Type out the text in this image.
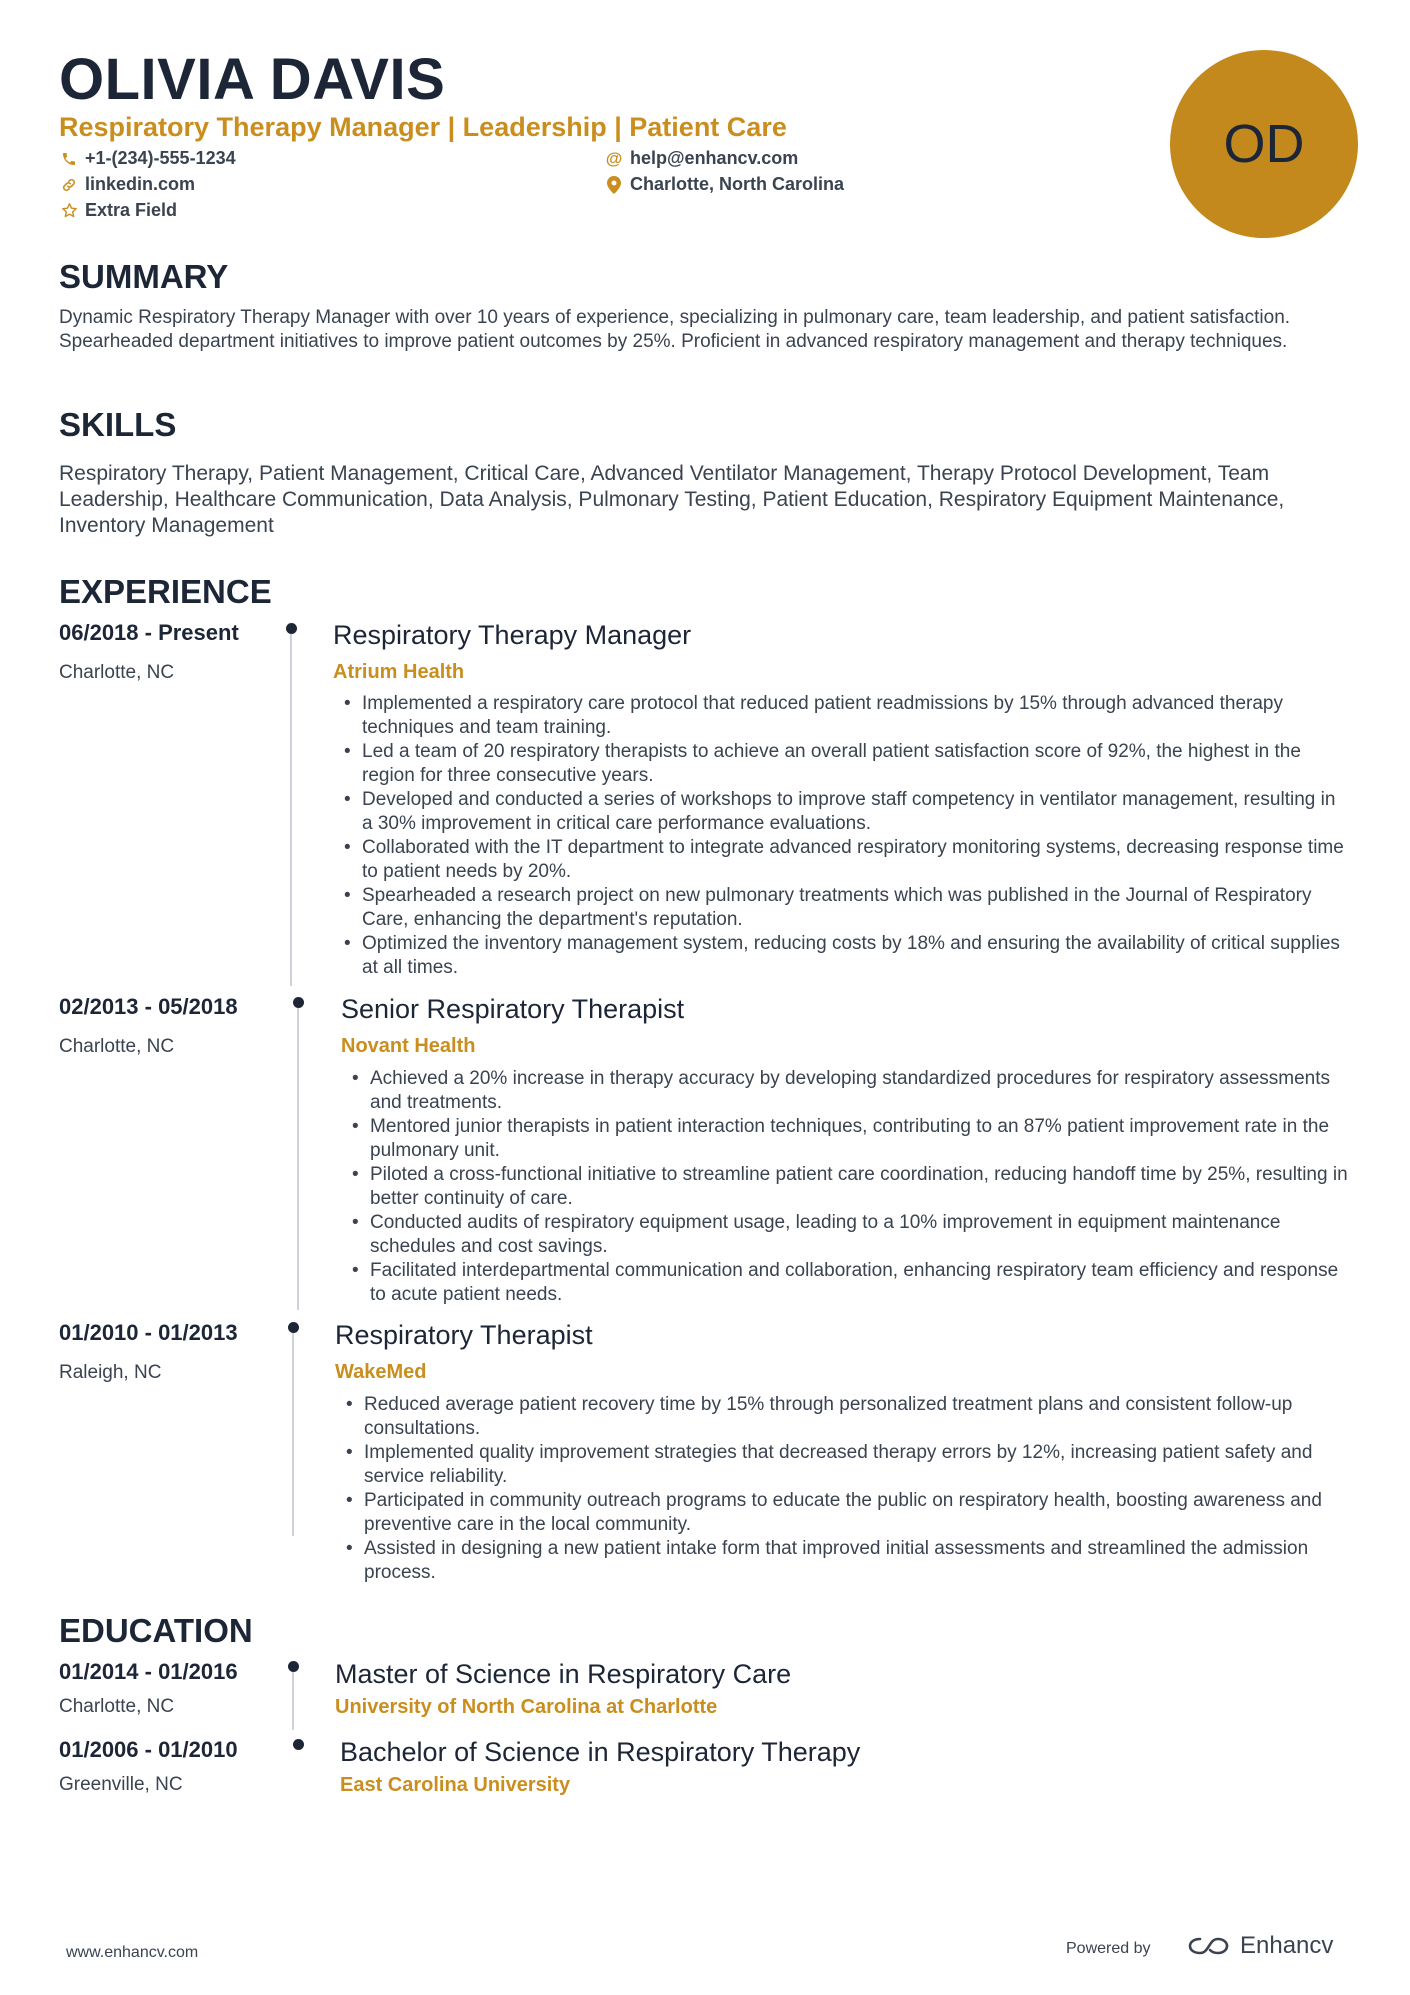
OLIVIA DAVIS
Respiratory Therapy Manager | Leadership | Patient Care
+1-(234)-555-1234	@ help@enhancv.com
linkedin.com	Charlotte, North Carolina
Extra Field
OD
SUMMARY
Dynamic Respiratory Therapy Manager with over 10 years of experience, specializing in pulmonary care, team leadership, and patient satisfaction. Spearheaded department initiatives to improve patient outcomes by 25%. Proficient in advanced respiratory management and therapy techniques.
SKILLS
Respiratory Therapy, Patient Management, Critical Care, Advanced Ventilator Management, Therapy Protocol Development, Team Leadership, Healthcare Communication, Data Analysis, Pulmonary Testing, Patient Education, Respiratory Equipment Maintenance, Inventory Management
EXPERIENCE
06/2018 - Present
Charlotte, NC
Respiratory Therapy Manager
Atrium Health
• Implemented a respiratory care protocol that reduced patient readmissions by 15% through advanced therapy techniques and team training.
• Led a team of 20 respiratory therapists to achieve an overall patient satisfaction score of 92%, the highest in the region for three consecutive years.
• Developed and conducted a series of workshops to improve staff competency in ventilator management, resulting in a 30% improvement in critical care performance evaluations.
• Collaborated with the IT department to integrate advanced respiratory monitoring systems, decreasing response time to patient needs by 20%.
• Spearheaded a research project on new pulmonary treatments which was published in the Journal of Respiratory Care, enhancing the department's reputation.
• Optimized the inventory management system, reducing costs by 18% and ensuring the availability of critical supplies at all times.
02/2013 - 05/2018
Charlotte, NC
Senior Respiratory Therapist
Novant Health
• Achieved a 20% increase in therapy accuracy by developing standardized procedures for respiratory assessments and treatments.
• Mentored junior therapists in patient interaction techniques, contributing to an 87% patient improvement rate in the pulmonary unit.
• Piloted a cross-functional initiative to streamline patient care coordination, reducing handoff time by 25%, resulting in better continuity of care.
• Conducted audits of respiratory equipment usage, leading to a 10% improvement in equipment maintenance schedules and cost savings.
• Facilitated interdepartmental communication and collaboration, enhancing respiratory team efficiency and response to acute patient needs.
01/2010 - 01/2013
Raleigh, NC
Respiratory Therapist
WakeMed
• Reduced average patient recovery time by 15% through personalized treatment plans and consistent follow-up consultations.
• Implemented quality improvement strategies that decreased therapy errors by 12%, increasing patient safety and service reliability.
• Participated in community outreach programs to educate the public on respiratory health, boosting awareness and preventive care in the local community.
• Assisted in designing a new patient intake form that improved initial assessments and streamlined the admission process.
EDUCATION
01/2014 - 01/2016
Charlotte, NC
Master of Science in Respiratory Care
University of North Carolina at Charlotte
01/2006 - 01/2010
Greenville, NC
Bachelor of Science in Respiratory Therapy
East Carolina University
www.enhancv.com	Powered by	Enhancv
